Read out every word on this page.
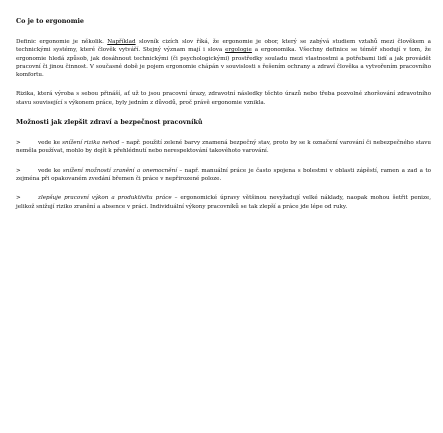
Co je to ergonomie

Definic ergonomie je několik. Například slovník cizích slov říká, že ergonomie je obor, který se zabývá studiem vztahů mezi člověkem a technickými systémy, které člověk vytváří. Stejný význam mají i slova ergologie a ergonomika. Všechny definice se téměř shodují v tom, že ergonomie hledá způsob, jak dosáhnout technickými (či psychologickými) prostředky souladu mezi vlastnostmi a potřebami lidí a jak provádět pracovní či jinou činnost. V současné době je pojem ergonomie chápán v souvislosti s řešením ochrany a zdraví člověka a vytvořením pracovního komfortu.

Rizika, která výroba s sebou přináší, ať už to jsou pracovní úrazy, zdravotní následky těchto úrazů nebo třeba pozvolné zhoršování zdravotního stavu související s výkonem práce, byly jedním z důvodů, proč právě ergonomie vznikla.

Možnosti jak zlepšit zdraví a bezpečnost pracovníků

>	vede ke snížení rizika nehod – např. použití zelené barvy znamená bezpečný stav, proto by se k označení varování či nebezpečného stavu neměla používat, mohlo by dojít k přehlédnutí nebo nerespektování takovéhoto varování.

>	vede ke snížení možností zranění a onemocnění – např. manuální práce je často spojena s bolestmi v oblasti zápěstí, ramen a zad a to zejména při opakovaném zvedání břemen či práce v nepřirozené poloze.

>	zlepšuje pracovní výkon a produktivitu práce – ergonomické úpravy většinou nevyžadují velké náklady, naopak mohou šetřit penize, jelikož snižují riziko zranění a absence v práci. Individuální výkony pracovníků se tak zlepší a práce jde lépe od ruky.
